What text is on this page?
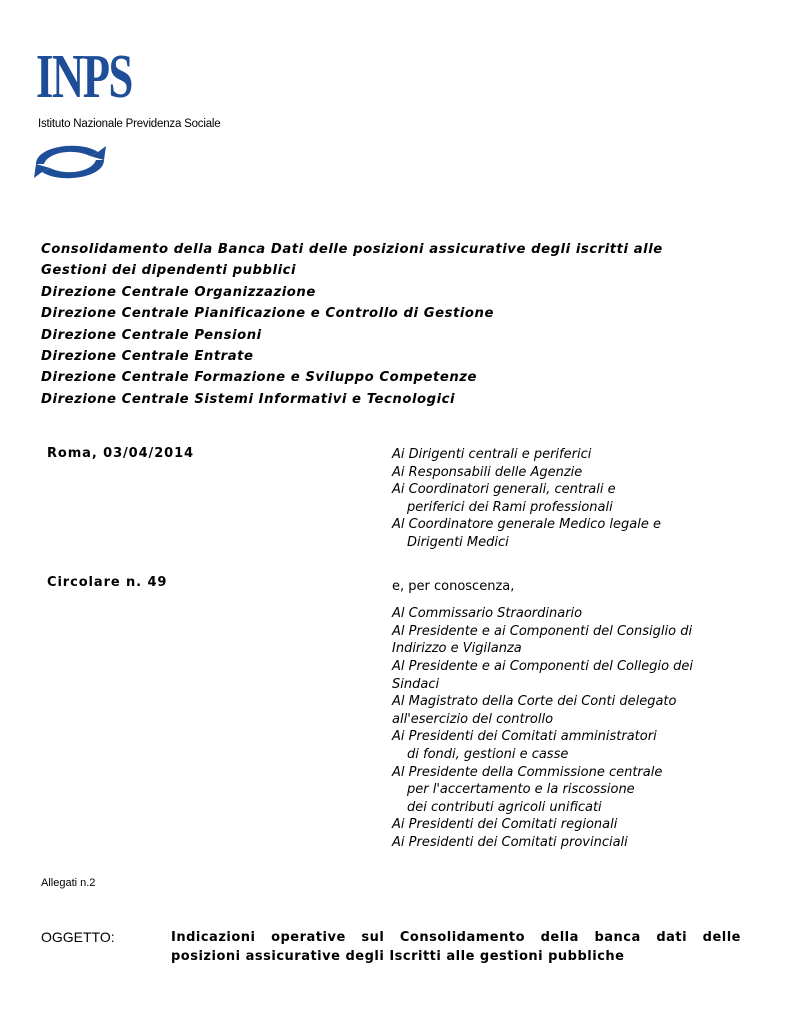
INPS
Istituto Nazionale Previdenza Sociale
Consolidamento della Banca Dati delle posizioni assicurative degli iscritti alle
Gestioni dei dipendenti pubblici
Direzione Centrale Organizzazione
Direzione Centrale Pianificazione e Controllo di Gestione
Direzione Centrale Pensioni
Direzione Centrale Entrate
Direzione Centrale Formazione e Sviluppo Competenze
Direzione Centrale Sistemi Informativi e Tecnologici
Roma, 03/04/2014
Circolare n. 49
Ai Dirigenti centrali e periferici
Ai Responsabili delle Agenzie
Ai Coordinatori generali, centrali e
periferici dei Rami professionali
Al Coordinatore generale Medico legale e
Dirigenti Medici
e, per conoscenza,
Al Commissario Straordinario
Al Presidente e ai Componenti del Consiglio di
Indirizzo e Vigilanza
Al Presidente e ai Componenti del Collegio dei
Sindaci
Al Magistrato della Corte dei Conti delegato
all'esercizio del controllo
Ai Presidenti dei Comitati amministratori
di fondi, gestioni e casse
Al Presidente della Commissione centrale
per l'accertamento e la riscossione
dei contributi agricoli unificati
Ai Presidenti dei Comitati regionali
Ai Presidenti dei Comitati provinciali
Allegati n.2
OGGETTO:	Indicazioni operative sul Consolidamento della banca dati delle
posizioni assicurative degli Iscritti alle gestioni pubbliche
